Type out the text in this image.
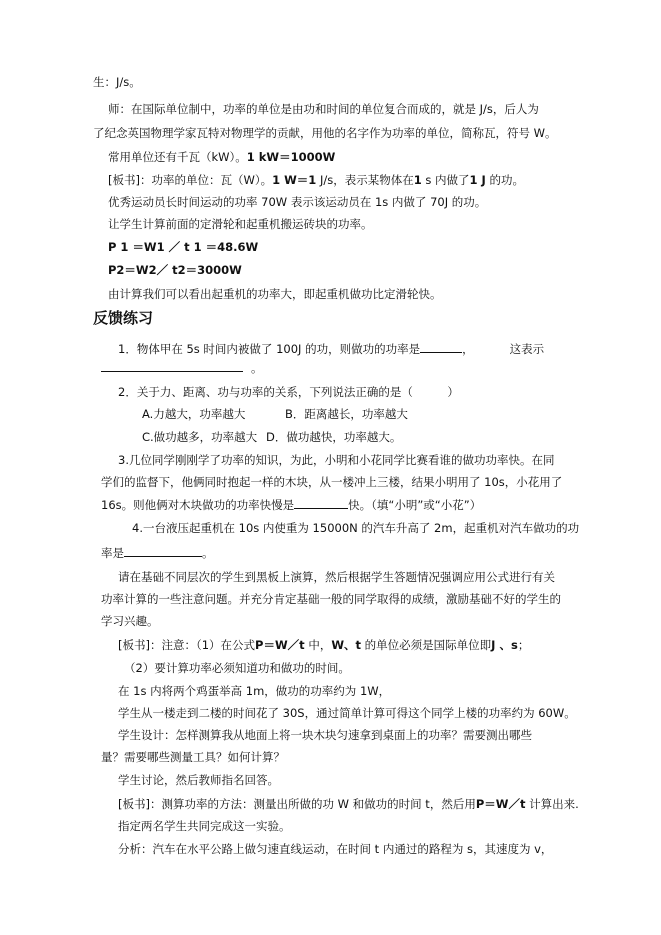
生：J/s。
师：在国际单位制中，功率的单位是由功和时间的单位复合而成的，就是 J/s，后人为
了纪念英国物理学家瓦特对物理学的贡献，用他的名字作为功率的单位，简称瓦，符号 W。
常用单位还有千瓦（kW）。1 kW＝1000W
[板书]：功率的单位：瓦（W）。1 W＝1 J/s，表示某物体在1 s 内做了1 J 的功。
优秀运动员长时间运动的功率 70W 表示该运动员在 1s 内做了 70J 的功。
让学生计算前面的定滑轮和起重机搬运砖块的功率。
P 1 ＝W1 ／ t 1 ＝48.6W
P2＝W2／ t2＝3000W
由计算我们可以看出起重机的功率大，即起重机做功比定滑轮快。
反馈练习
1．物体甲在 5s 时间内被做了 100J 的功，则做功的功率是	，	这表示
。
2．关于力、距离、功与功率的关系，下列说法正确的是（　　　）
A.力越大，功率越大	B．距离越长，功率越大
C.做功越多，功率越大 D．做功越快，功率越大。
3.几位同学刚刚学了功率的知识，为此，小明和小花同学比赛看谁的做功功率快。在同
学们的监督下，他俩同时抱起一样的木块，从一楼冲上三楼，结果小明用了 10s，小花用了
16s。则他俩对木块做功的功率快慢是	快。（填“小明”或“小花”）
4.一台液压起重机在 10s 内使重为 15000N 的汽车升高了 2m，起重机对汽车做功的功
率是	。
请在基础不同层次的学生到黑板上演算，然后根据学生答题情况强调应用公式进行有关
功率计算的一些注意问题。并充分肯定基础一般的同学取得的成绩，激励基础不好的学生的
学习兴趣。
[板书]：注意：（1）在公式P＝W／t 中，W、t 的单位必须是国际单位即J 、s；
（2）要计算功率必须知道功和做功的时间。
在 1s 内将两个鸡蛋举高 1m，做功的功率约为 1W，
学生从一楼走到二楼的时间花了 30S，通过简单计算可得这个同学上楼的功率约为 60W。
学生设计：怎样测算我从地面上将一块木块匀速拿到桌面上的功率？需要测出哪些
量？需要哪些测量工具？如何计算？
学生讨论，然后教师指名回答。
[板书]：测算功率的方法：测量出所做的功 W 和做功的时间 t，然后用P＝W／t 计算出来.
指定两名学生共同完成这一实验。
分析：汽车在水平公路上做匀速直线运动，在时间 t 内通过的路程为 s，其速度为 v，
